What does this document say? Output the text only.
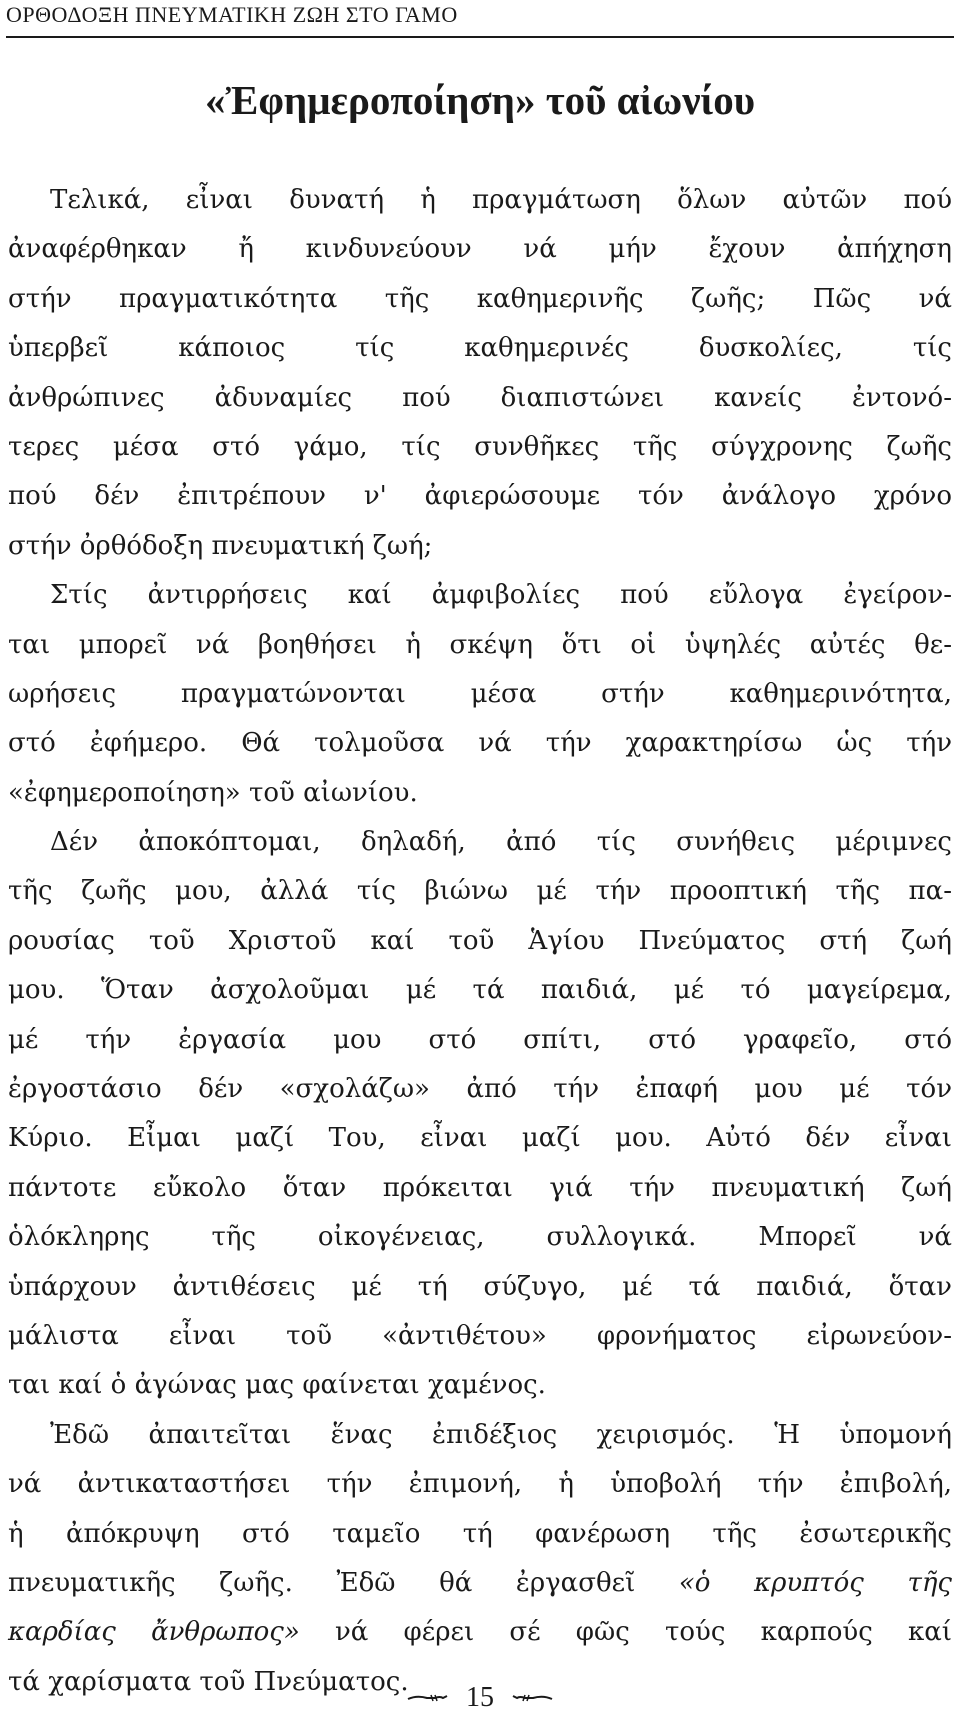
ΟΡΘΟΔΟΞΗ ΠΝΕΥΜΑΤΙΚΗ ΖΩΗ ΣΤΟ ΓΑΜΟ
«Ἐφημεροποίηση» τοῦ αἰωνίου
Τελικά, εἶναι δυνατή ἡ πραγμάτωση ὅλων αὐτῶν πού
ἀναφέρθηκαν ἤ κινδυνεύουν νά μήν ἔχουν ἀπήχηση
στήν πραγματικότητα τῆς καθημερινῆς ζωῆς; Πῶς νά
ὑπερβεῖ κάποιος τίς καθημερινές δυσκολίες, τίς
ἀνθρώπινες ἀδυναμίες πού διαπιστώνει κανείς ἐντονό-
τερες μέσα στό γάμο, τίς συνθῆκες τῆς σύγχρονης ζωῆς
πού δέν ἐπιτρέπουν ν' ἀφιερώσουμε τόν ἀνάλογο χρόνο
στήν ὀρθόδοξη πνευματική ζωή;
Στίς ἀντιρρήσεις καί ἀμφιβολίες πού εὔλογα ἐγείρον-
ται μπορεῖ νά βοηθήσει ἡ σκέψη ὅτι οἱ ὑψηλές αὐτές θε-
ωρήσεις πραγματώνονται μέσα στήν καθημερινότητα,
στό ἐφήμερο. Θά τολμοῦσα νά τήν χαρακτηρίσω ὡς τήν
«ἐφημεροποίηση» τοῦ αἰωνίου.
Δέν ἀποκόπτομαι, δηλαδή, ἀπό τίς συνήθεις μέριμνες
τῆς ζωῆς μου, ἀλλά τίς βιώνω μέ τήν προοπτική τῆς πα-
ρουσίας τοῦ Χριστοῦ καί τοῦ Ἁγίου Πνεύματος στή ζωή
μου. Ὅταν ἀσχολοῦμαι μέ τά παιδιά, μέ τό μαγείρεμα,
μέ τήν ἐργασία μου στό σπίτι, στό γραφεῖο, στό
ἐργοστάσιο δέν «σχολάζω» ἀπό τήν ἐπαφή μου μέ τόν
Κύριο. Εἶμαι μαζί Του, εἶναι μαζί μου. Αὐτό δέν εἶναι
πάντοτε εὔκολο ὅταν πρόκειται γιά τήν πνευματική ζωή
ὁλόκληρης τῆς οἰκογένειας, συλλογικά. Μπορεῖ νά
ὑπάρχουν ἀντιθέσεις μέ τή σύζυγο, μέ τά παιδιά, ὅταν
μάλιστα εἶναι τοῦ «ἀντιθέτου» φρονήματος εἰρωνεύον-
ται καί ὁ ἀγώνας μας φαίνεται χαμένος.
Ἐδῶ ἀπαιτεῖται ἕνας ἐπιδέξιος χειρισμός. Ἡ ὑπομονή
νά ἀντικαταστήσει τήν ἐπιμονή, ἡ ὑποβολή τήν ἐπιβολή,
ἡ ἀπόκρυψη στό ταμεῖο τή φανέρωση τῆς ἐσωτερικῆς
πνευματικῆς ζωῆς. Ἐδῶ θά ἐργασθεῖ «ὁ κρυπτός τῆς
καρδίας ἄνθρωπος» νά φέρει σέ φῶς τούς καρπούς καί
τά χαρίσματα τοῦ Πνεύματος.
15
